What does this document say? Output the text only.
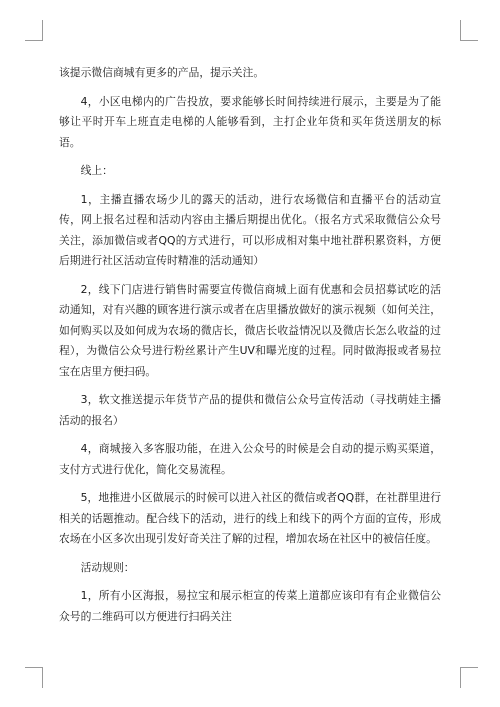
该提示微信商城有更多的产品，提示关注。

4，小区电梯内的广告投放，要求能够长时间持续进行展示，主要是为了能够让平时开车上班直走电梯的人能够看到，主打企业年货和买年货送朋友的标语。

线上：

1，主播直播农场少儿的露天的活动，进行农场微信和直播平台的活动宣传，网上报名过程和活动内容由主播后期提出优化。（报名方式采取微信公众号关注，添加微信或者QQ的方式进行，可以形成相对集中地社群积累资料，方便后期进行社区活动宣传时精准的活动通知）

2，线下门店进行销售时需要宣传微信商城上面有优惠和会员招募试吃的活动通知，对有兴趣的顾客进行演示或者在店里播放做好的演示视频（如何关注，如何购买以及如何成为农场的微店长，微店长收益情况以及微店长怎么收益的过程），为微信公众号进行粉丝累计产生UV和曝光度的过程。同时做海报或者易拉宝在店里方便扫码。

3，软文推送提示年货节产品的提供和微信公众号宣传活动（寻找萌娃主播活动的报名）

4，商城接入多客服功能，在进入公众号的时候是会自动的提示购买渠道，支付方式进行优化，简化交易流程。

5，地推进小区做展示的时候可以进入社区的微信或者QQ群，在社群里进行相关的话题推动。配合线下的活动，进行的线上和线下的两个方面的宣传，形成农场在小区多次出现引发好奇关注了解的过程，增加农场在社区中的被信任度。

活动规则：

1，所有小区海报，易拉宝和展示柜宣的传菜上道都应该印有有企业微信公众号的二维码可以方便进行扫码关注
